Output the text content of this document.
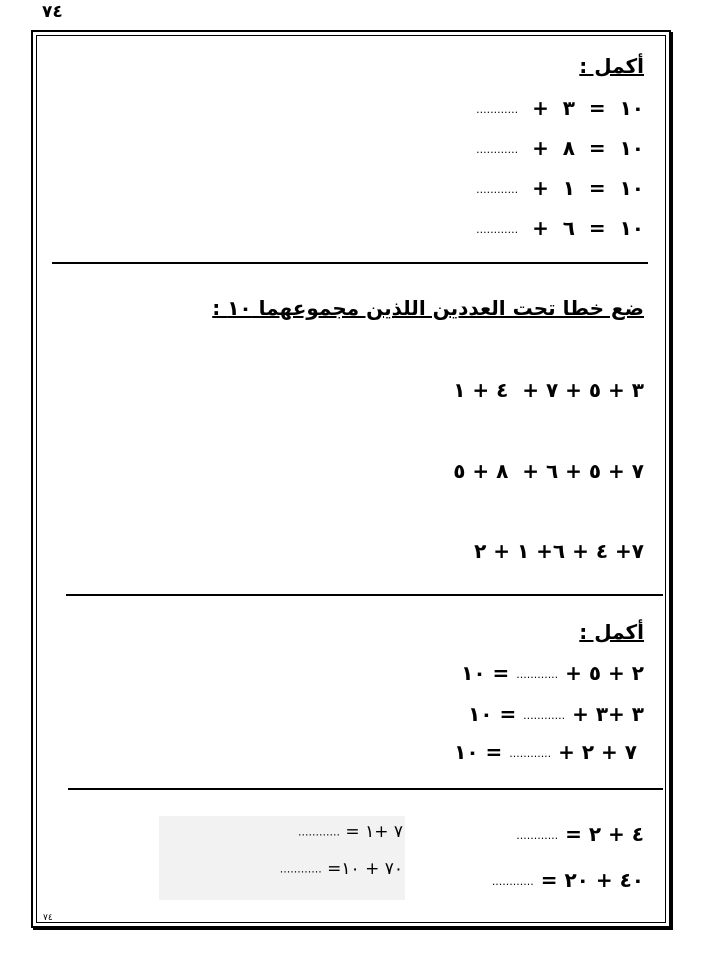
٧٤
أكمل :
١٠  =  ٣  +  ............
١٠  =  ٨  +  ............
١٠  =  ١  +  ............
١٠  =  ٦  +  ............
ضع خطا تحت العددين اللذين مجموعهما ١٠ :
٣ + ٥ + ٧ +  ٤ + ١
٧ + ٥ + ٦ +  ٨ + ٥
٧+ ٤ + ٦+ ١ + ٢
أكمل :
٢ + ٥ + ............ = ١٠
٣ +٣ + ............ = ١٠
٧ + ٢ + ............ = ١٠
٧ +١ = ............
٧٠ + ١٠= ............
٤ + ٢ = ............
٤٠ + ٢٠ = ............
٧٤
